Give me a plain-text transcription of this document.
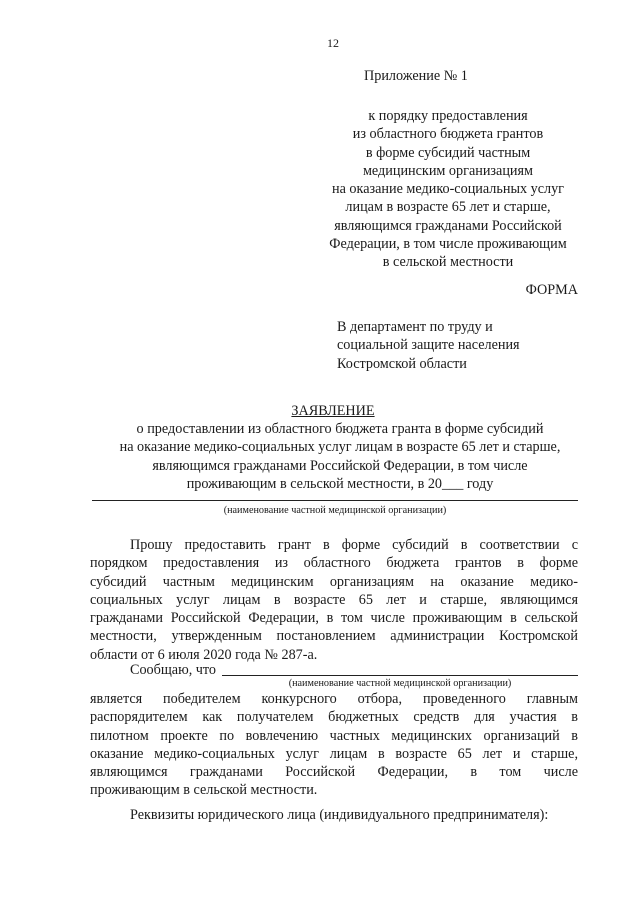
12
Приложение № 1
к порядку предоставления
из областного бюджета грантов
в форме субсидий частным
медицинским организациям
на оказание медико-социальных услуг
лицам в возрасте 65 лет и старше,
являющимся гражданами Российской
Федерации, в том числе проживающим
в сельской местности
ФОРМА
В департамент по труду и
социальной защите населения
Костромской области
ЗАЯВЛЕНИЕ
о предоставлении из областного бюджета гранта в форме субсидий
на оказание медико-социальных услуг лицам в возрасте 65 лет и старше,
являющимся гражданами Российской Федерации, в том числе
проживающим в сельской местности, в 20___ году
(наименование частной медицинской организации)
Прошу предоставить грант в форме субсидий в соответствии с
порядком предоставления из областного бюджета грантов в форме
субсидий частным медицинским организациям на оказание медико-
социальных услуг лицам в возрасте 65 лет и старше, являющимся
гражданами Российской Федерации, в том числе проживающим в сельской
местности, утвержденным постановлением администрации Костромской
области от 6 июля 2020 года № 287-а.
Сообщаю, что
(наименование частной медицинской организации)
является победителем конкурсного отбора, проведенного главным
распорядителем как получателем бюджетных средств для участия в
пилотном проекте по вовлечению частных медицинских организаций в
оказание медико-социальных услуг лицам в возрасте 65 лет и старше,
являющимся гражданами Российской Федерации, в том числе
проживающим в сельской местности.
Реквизиты юридического лица (индивидуального предпринимателя):
